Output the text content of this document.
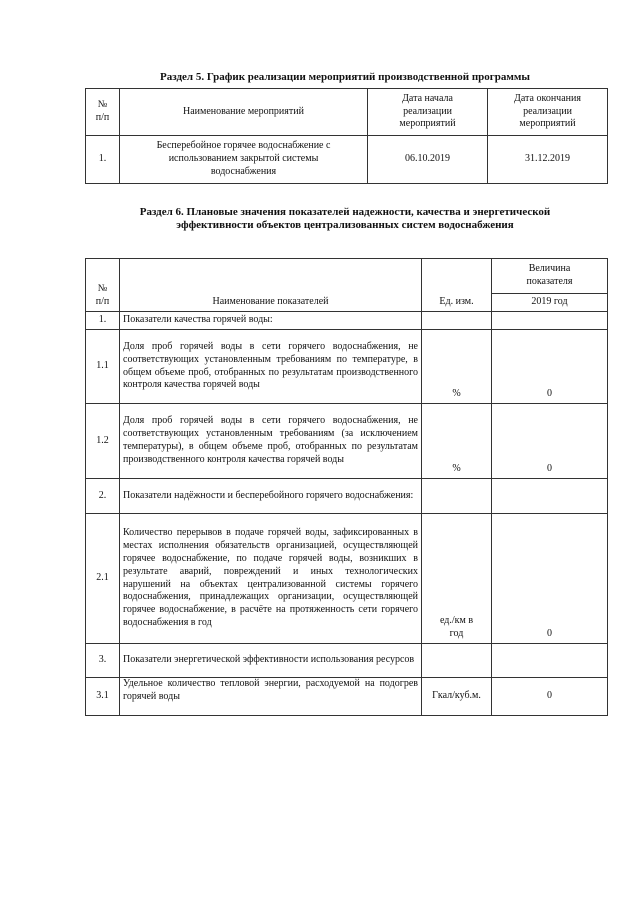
Раздел 5. График реализации мероприятий производственной программы
№
п/п	Наименование мероприятий	Дата начала
реализации
мероприятий	Дата окончания
реализации
мероприятий

1.	Бесперебойное горячее водоснабжение с
использованием закрытой системы
водоснабжения	06.10.2019	31.12.2019
Раздел 6. Плановые значения показателей надежности, качества и энергетической
эффективности объектов централизованных систем водоснабжения
№
п/п	Наименование показателей	Ед. изм.	Величина
показателя

			2019 год
1.	Показатели качества горячей воды:		
1.1	Доля проб горячей воды в сети горячего водоснабжения, не соответствующих установленным требованиям по температуре, в общем объеме проб, отобранных по результатам производственного контроля качества горячей воды	%	0
1.2	Доля проб горячей воды в сети горячего водоснабжения, не соответствующих установленным требованиям (за исключением температуры), в общем объеме проб, отобранных по результатам производственного контроля качества горячей воды	%	0
2.	Показатели надёжности и бесперебойного горячего водоснабжения:		
2.1	Количество перерывов в подаче горячей воды, зафиксированных в местах исполнения обязательств организацией, осуществляющей горячее водоснабжение, по подаче горячей воды, возникших в результате аварий, повреждений и иных технологических нарушений на объектах централизованной системы горячего водоснабжения, принадлежащих организации, осуществляющей горячее водоснабжение, в расчёте на протяженность сети горячего водоснабжения в год	ед./км в
год	0
3.	Показатели энергетической эффективности использования ресурсов		
3.1	Удельное количество тепловой энергии, расходуемой на подогрев горячей воды	Гкал/куб.м.	0
